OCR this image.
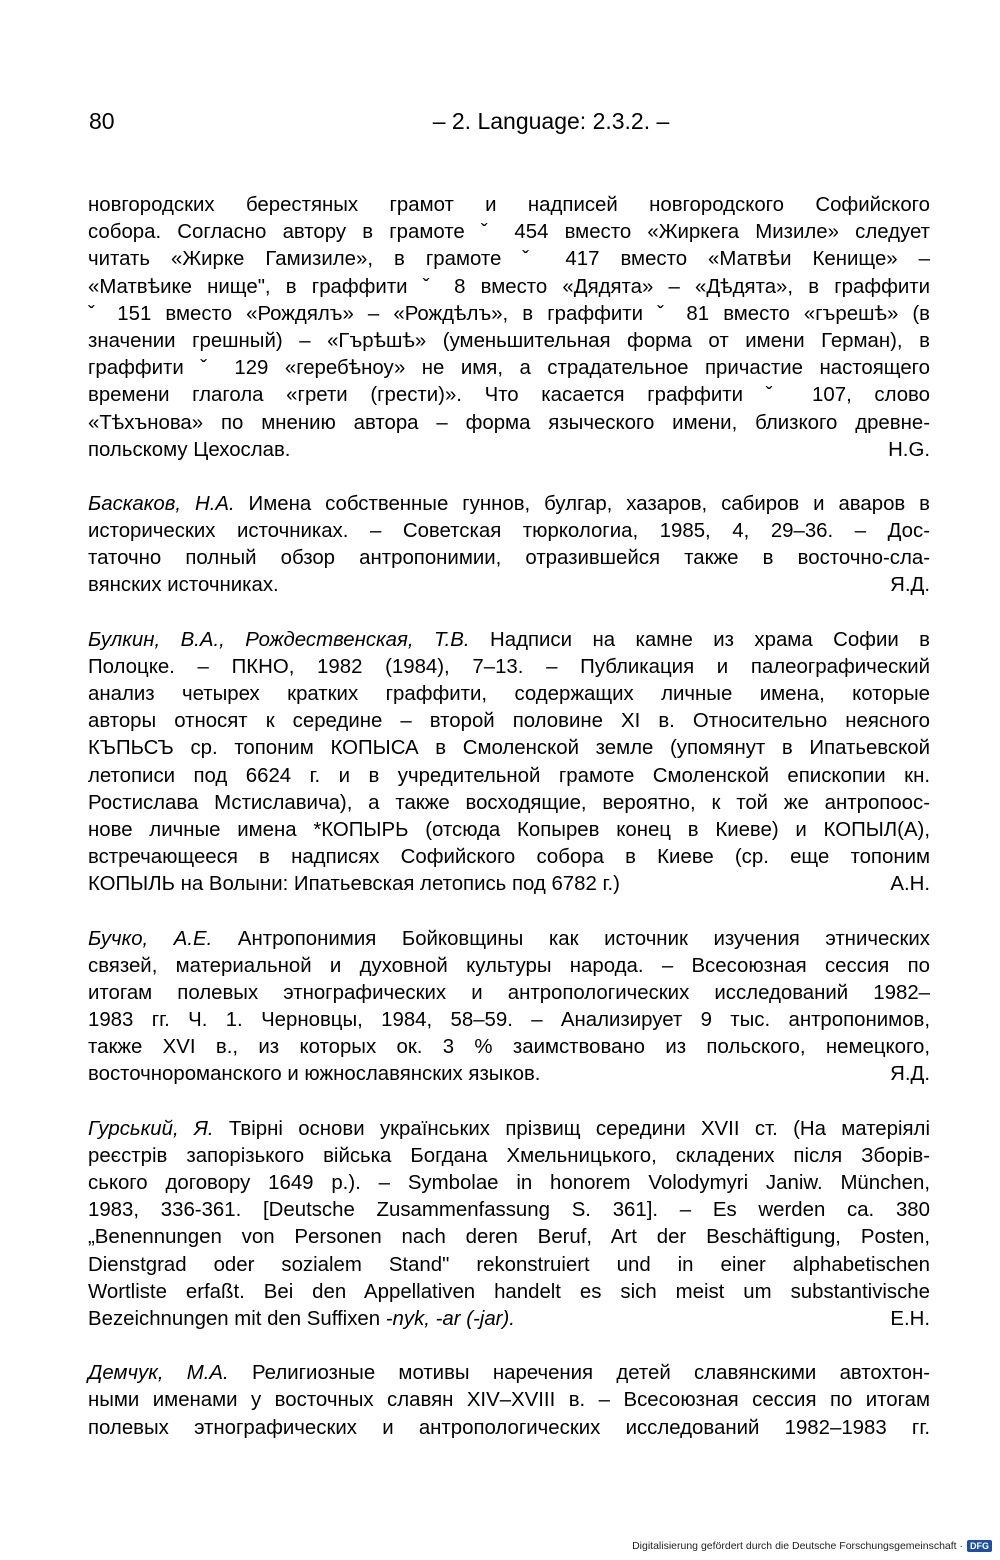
80	– 2. Language: 2.3.2. –
новгородских берестяных грамот и надписей новгородского Софийского
собора. Согласно автору в грамоте ˇ 454 вместо «Жиркега Мизиле» следует
читать «Жирке Гамизиле», в грамоте ˇ 417 вместо «Матвѣи Кенище» –
«Матвѣике нище", в граффити ˇ 8 вместо «Дядята» – «Дѣдята», в граффити
ˇ 151 вместо «Рождялъ» – «Рождѣлъ», в граффити ˇ 81 вместо «гърешѣ» (в
значении грешный) – «Гърѣшѣ» (уменьшительная форма от имени Герман), в
граффити ˇ 129 «геребѣноу» не имя, а страдательное причастие настоящего
времени глагола «грети (грести)». Что касается граффити ˇ 107, слово
«Тѣхънова» по мнению автора – форма языческого имени, близкого древне-
польскому Цехослав.	H.G.
Баскаков, Н.А. Имена собственные гуннов, булгар, хазаров, сабиров и аваров в
исторических источниках. – Советская тюркологиа, 1985, 4, 29–36. – Дос-
таточно полный обзор антропонимии, отразившейся также в восточно-сла-
вянских источниках.	Я.Д.
Булкин, В.А., Рождественская, Т.В. Надписи на камне из храма Софии в
Полоцке. – ПКНО, 1982 (1984), 7–13. – Публикация и палеографический
анализ четырех кратких граффити, содержащих личные имена, которые
авторы относят к середине – второй половине XI в. Относительно неясного
КЪПЬСЪ ср. топоним КОПЫСА в Смоленской земле (упомянут в Ипатьевской
летописи под 6624 г. и в учредительной грамоте Смоленской епископии кн.
Ростислава Мстиславича), а также восходящие, вероятно, к той же антропоос-
нове личные имена *КОПЫРЬ (отсюда Копырев конец в Киеве) и КОПЫЛ(А),
встречающееся в надписях Софийского собора в Киеве (ср. еще топоним
КОПЫЛЬ на Волыни: Ипатьевская летопись под 6782 г.)	А.Н.
Бучко, А.Е. Антропонимия Бойковщины как источник изучения этнических
связей, материальной и духовной культуры народа. – Всесоюзная сессия по
итогам полевых этнографических и антропологических исследований 1982–
1983 гг. Ч. 1. Черновцы, 1984, 58–59. – Анализирует 9 тыс. антропонимов,
также XVI в., из которых ок. 3 % заимствовано из польского, немецкого,
восточнороманского и южнославянских языков.	Я.Д.
Гурський, Я. Твірні основи українських прізвищ середини XVII ст. (На матеріялі
реєстрів запорізького війська Богдана Хмельницького, складених після Зборів-
ського договору 1649 р.). – Symbolae in honorem Volodymyri Janiw. München,
1983, 336-361. [Deutsche Zusammenfassung S. 361]. – Es werden ca. 380
„Benennungen von Personen nach deren Beruf, Art der Beschäftigung, Posten,
Dienstgrad oder sozialem Stand" rekonstruiert und in einer alphabetischen
Wortliste erfaßt. Bei den Appellativen handelt es sich meist um substantivische
Bezeichnungen mit den Suffixen -nyk, -ar (-jar).	E.H.
Демчук, М.А. Религиозные мотивы наречения детей славянскими автохтон-
ными именами у восточных славян XIV–XVIII в. – Всесоюзная сессия по итогам
полевых этнографических и антропологических исследований 1982–1983 гг.
Digitalisierung gefördert durch die Deutsche Forschungsgemeinschaft · DFG
